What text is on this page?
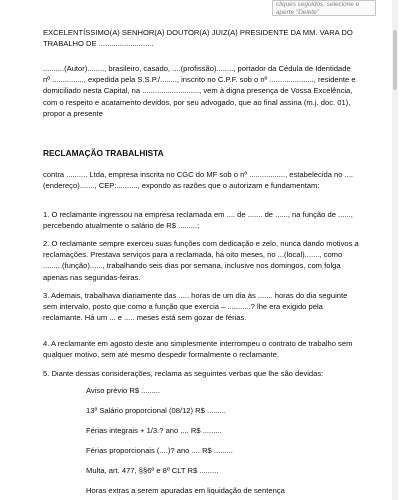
cliques seguidos, selecione e aperte "Delete"

EXCELENTÍSSIMO(A) SENHOR(A) DOUTOR(A) JUIZ(A) PRESIDENTE DA MM. VARA DO TRABALHO DE ..........................

..........(Autor)........, brasileiro, casado, ....(profissão)........, portador da Cédula de Identidade nº ..............., expedida pela S.S.P./........, inscrito no C.P.F. sob o nº ....................., residente e domiciliado nesta Capital, na ..........................., vem à digna presença de Vossa Excelência, com o respeito e acatamento devidos, por seu advogado, que ao final assina (m.j. doc. 01), propor a presente

RECLAMAÇÃO TRABALHISTA

contra .......... Ltda, empresa inscrita no CGC do MF sob o nº ................., estabelecida no ....(endereço)......., CEP:.........., expondo as razões que o autorizam e fundamentam:

1. O reclamante ingressou na empresa reclamada em .... de ....... de ......, na função de ......, percebendo atualmente o salário de R$ .........;

2. O reclamante sempre exerceu suas funções com dedicação e zelo, nunca dando motivos a reclamações. Prestava serviços para a reclamada, há oito meses, no ...(local)......., como .........(função)......, trabalhando seis dias por semana, inclusive nos domingos, com folga apenas nas segundas-feiras.

3. Ademais, trabalhava diariamente das ..... horas de um dia às ....... horas do dia seguinte sem intervalo, posto que como a função que exercia – ...........? lhe era exigido pela reclamante. Há um ... e ..... meses está sem gozar de férias.

4. A reclamante em agosto deste ano simplesmente interrompeu o contrato de trabalho sem qualquer motivo, sem até mesmo despedir formalmente o reclamante.

5. Diante dessas considerações, reclama as seguintes verbas que lhe são devidas:

Aviso prévio R$ .........

13º Salário proporcional (08/12) R$ .........

Férias integrais + 1/3.? ano .... R$ .........

Férias proporcionais (....)? ano .... R$ .........

Multa, art. 477, §§6º e 8º CLT R$ .........

Horas extras a serem apuradas em liquidação de sentença
